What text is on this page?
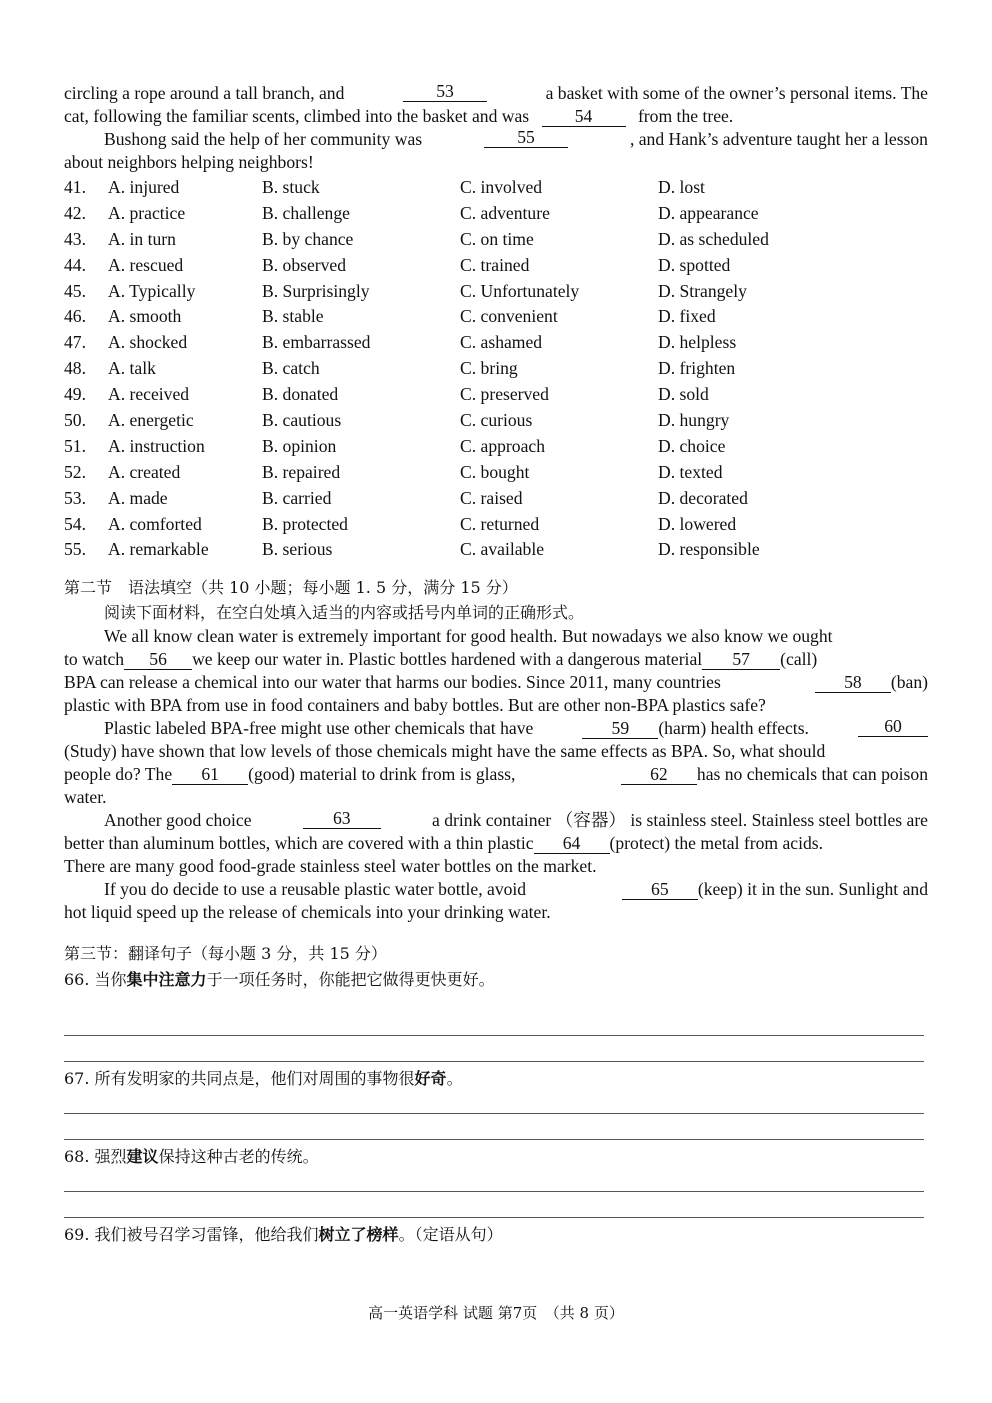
circling a rope around a tall branch, and	53	a basket with some of the owner’s personal items. The
cat, following the familiar scents, climbed into the basket and was	54	from the tree.
Bushong said the help of her community was	55	, and Hank’s adventure taught her a lesson
about neighbors helping neighbors!
41. A. injured	B. stuck	C. involved	D. lost
42. A. practice	B. challenge	C. adventure	D. appearance
43. A. in turn	B. by chance	C. on time	D. as scheduled
44. A. rescued	B. observed	C. trained	D. spotted
45. A. Typically	B. Surprisingly	C. Unfortunately	D. Strangely
46. A. smooth	B. stable	C. convenient	D. fixed
47. A. shocked	B. embarrassed	C. ashamed	D. helpless
48. A. talk	B. catch	C. bring	D. frighten
49. A. received	B. donated	C. preserved	D. sold
50. A. energetic	B. cautious	C. curious	D. hungry
51. A. instruction	B. opinion	C. approach	D. choice
52. A. created	B. repaired	C. bought	D. texted
53. A. made	B. carried	C. raised	D. decorated
54. A. comforted	B. protected	C. returned	D. lowered
55. A. remarkable	B. serious	C. available	D. responsible
第二节　语法填空（共 10 小题；每小题 1. 5 分，满分 15 分）
阅读下面材料，在空白处填入适当的内容或括号内单词的正确形式。
We all know clean water is extremely important for good health. But nowadays we also know we ought
to watch 56 we keep our water in. Plastic bottles hardened with a dangerous material 57 (call)
BPA can release a chemical into our water that harms our bodies. Since 2011, many countries	58 (ban)
plastic with BPA from use in food containers and baby bottles. But are other non-BPA plastics safe?
Plastic labeled BPA-free might use other chemicals that have	59 (harm) health effects.	60
(Study) have shown that low levels of those chemicals might have the same effects as BPA. So, what should
people do? The 61 (good) material to drink from is glass,	62 has no chemicals that can poison
water.
Another good choice	63	a drink container （容器） is stainless steel. Stainless steel bottles are
better than aluminum bottles, which are covered with a thin plastic 64 (protect) the metal from acids.
There are many good food-grade stainless steel water bottles on the market.
If you do decide to use a reusable plastic water bottle, avoid	65 (keep) it in the sun. Sunlight and
hot liquid speed up the release of chemicals into your drinking water.
第三节：翻译句子（每小题 3 分，共 15 分）
66. 当你集中注意力于一项任务时，你能把它做得更快更好。
67. 所有发明家的共同点是，他们对周围的事物很好奇。
68. 强烈建议保持这种古老的传统。
69. 我们被号召学习雷锋，他给我们树立了榜样。（定语从句）
高一英语学科 试题 第7页　（共 8 页）
